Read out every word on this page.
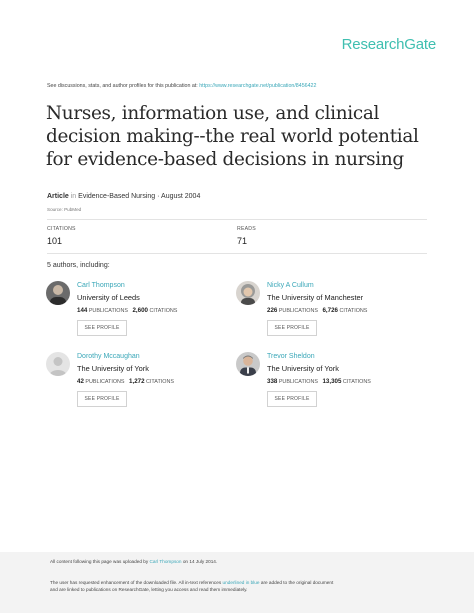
ResearchGate
See discussions, stats, and author profiles for this publication at: https://www.researchgate.net/publication/8456422
Nurses, information use, and clinical decision making--the real world potential for evidence-based decisions in nursing
Article in Evidence-Based Nursing · August 2004
Source: PubMed
CITATIONS
101
READS
71
5 authors, including:
Carl Thompson
University of Leeds
144 PUBLICATIONS 2,600 CITATIONS
SEE PROFILE
Nicky A Cullum
The University of Manchester
226 PUBLICATIONS 6,726 CITATIONS
SEE PROFILE
Dorothy Mccaughan
The University of York
42 PUBLICATIONS 1,272 CITATIONS
SEE PROFILE
Trevor Sheldon
The University of York
338 PUBLICATIONS 13,305 CITATIONS
SEE PROFILE
All content following this page was uploaded by Carl Thompson on 14 July 2014.
The user has requested enhancement of the downloaded file. All in-text references underlined in blue are added to the original document
and are linked to publications on ResearchGate, letting you access and read them immediately.
